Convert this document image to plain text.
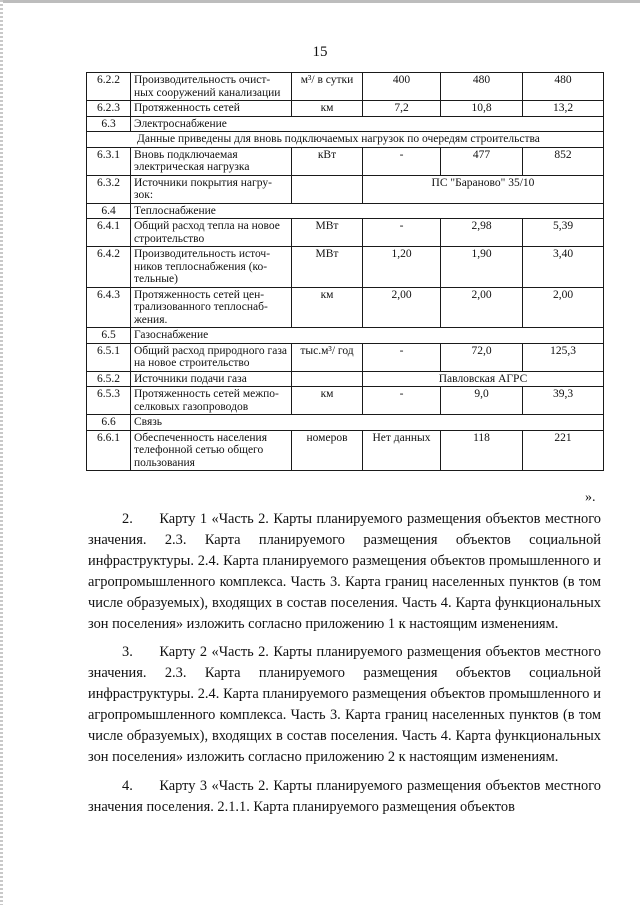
15
6.2.2	Производительность очист-ных сооружений канализации	м³/ в сутки	400	480	480
6.2.3	Протяженность сетей	км	7,2	10,8	13,2
6.3	Электроснабжение				
Данные приведены для вновь подключаемых нагрузок по очередям строительства					
6.3.1	Вновь подключаемая электрическая нагрузка	кВт	-	477	852
6.3.2	Источники покрытия нагру-зок:		ПС "Бараново" 35/10		
6.4	Теплоснабжение				
6.4.1	Общий расход тепла на новое строительство	МВт	-	2,98	5,39
6.4.2	Производительность источ-ников теплоснабжения (ко-тельные)	МВт	1,20	1,90	3,40
6.4.3	Протяженность сетей цен-трализованного теплоснаб-жения.	км	2,00	2,00	2,00
6.5	Газоснабжение				
6.5.1	Общий расход природного газа на новое строительство	тыс.м³/ год	-	72,0	125,3
6.5.2	Источники подачи газа		Павловская АГРС		
6.5.3	Протяженность сетей межпо-селковых газопроводов	км	-	9,0	39,3
6.6	Связь				
6.6.1	Обеспеченность населения телефонной сетью общего пользования	номеров	Нет данных	118	221
».

2.      Карту 1 «Часть 2. Карты планируемого размещения объектов местного значения. 2.3. Карта планируемого размещения объектов социальной инфраструктуры. 2.4. Карта планируемого размещения объектов промышленного и агропромышленного комплекса. Часть 3. Карта границ населенных пунктов (в том числе образуемых), входящих в состав поселения. Часть 4. Карта функциональных зон поселения» изложить согласно приложению 1 к настоящим изменениям.

3.      Карту 2 «Часть 2. Карты планируемого размещения объектов местного значения. 2.3. Карта планируемого размещения объектов социальной инфраструктуры. 2.4. Карта планируемого размещения объектов промышленного и агропромышленного комплекса. Часть 3. Карта границ населенных пунктов (в том числе образуемых), входящих в состав поселения. Часть 4. Карта функциональных зон поселения» изложить согласно приложению 2 к настоящим изменениям.

4.      Карту 3 «Часть 2. Карты планируемого размещения объектов местного значения поселения. 2.1.1. Карта планируемого размещения объектов
